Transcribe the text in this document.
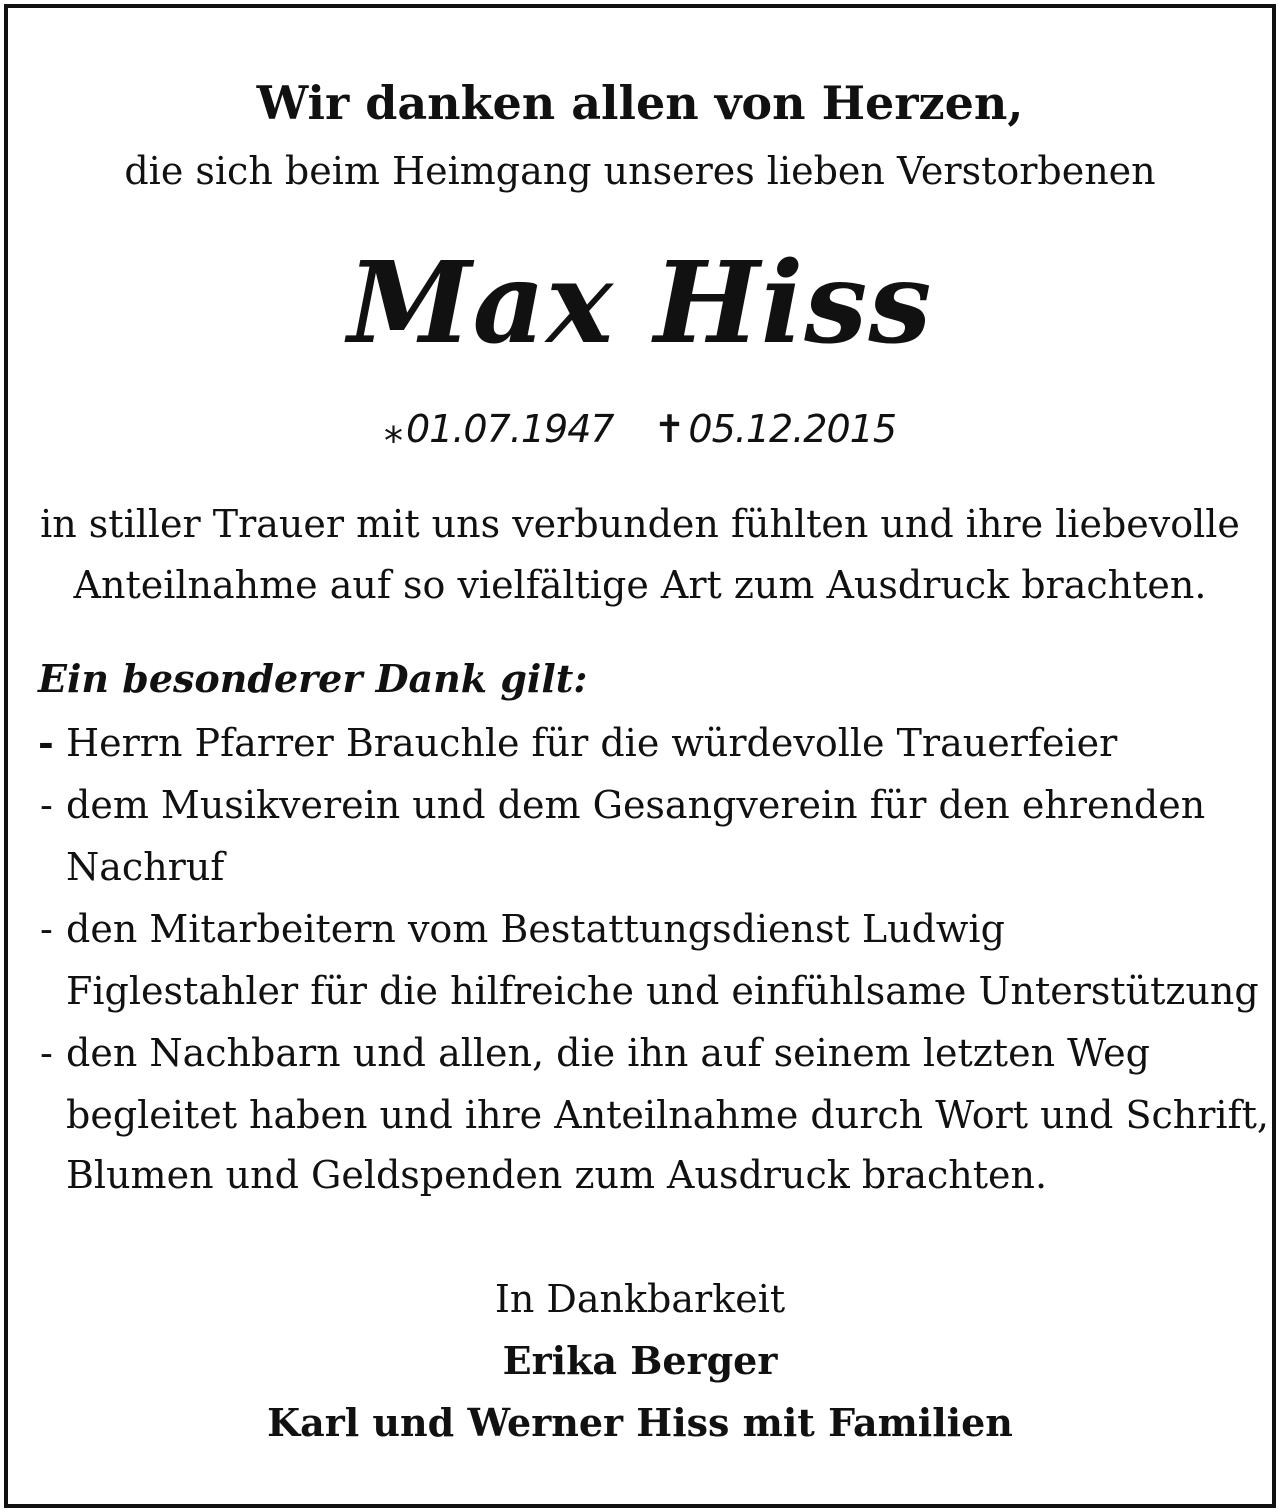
Wir danken allen von Herzen,
die sich beim Heimgang unseres lieben Verstorbenen
Max Hiss
⁎ 01.07.1947 ✝ 05.12.2015
in stiller Trauer mit uns verbunden fühlten und ihre liebevolle
Anteilnahme auf so vielfältige Art zum Ausdruck brachten.
Ein besonderer Dank gilt:
- Herrn Pfarrer Brauchle für die würdevolle Trauerfeier
- dem Musikverein und dem Gesangverein für den ehrenden
Nachruf
- den Mitarbeitern vom Bestattungsdienst Ludwig
Figlestahler für die hilfreiche und einfühlsame Unterstützung
- den Nachbarn und allen, die ihn auf seinem letzten Weg
begleitet haben und ihre Anteilnahme durch Wort und Schrift,
Blumen und Geldspenden zum Ausdruck brachten.
In Dankbarkeit
Erika Berger
Karl und Werner Hiss mit Familien
